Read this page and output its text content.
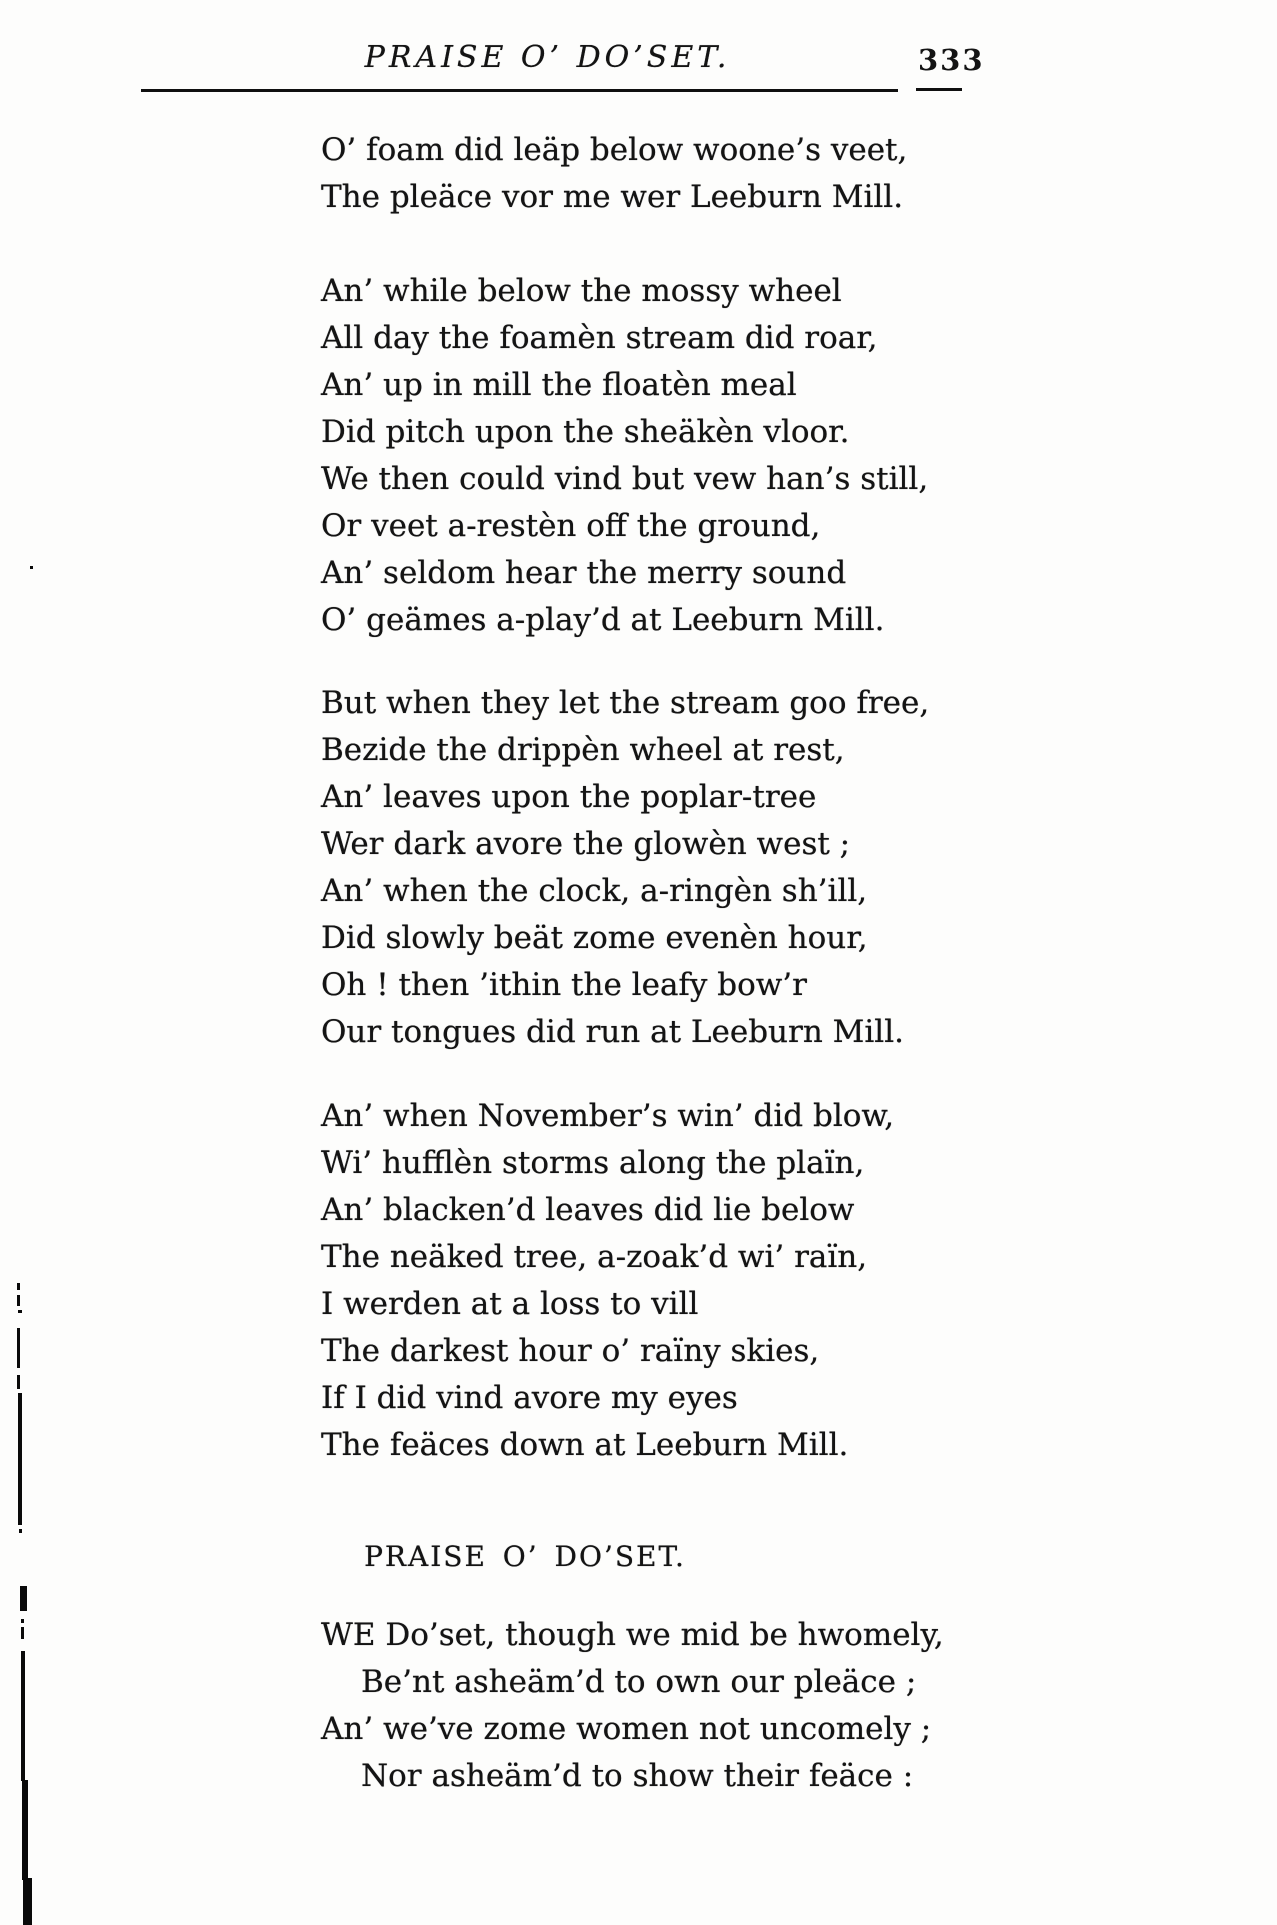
PRAISE O’ DO’SET.	333

O’ foam did leäp below woone’s veet,

The pleäce vor me wer Leeburn Mill.

An’ while below the mossy wheel

All day the foamèn stream did roar,

An’ up in mill the floatèn meal

Did pitch upon the sheäkèn vloor.

We then could vind but vew han’s still,

Or veet a-restèn off the ground,

An’ seldom hear the merry sound

O’ geämes a-play’d at Leeburn Mill.

But when they let the stream goo free,

Bezide the drippèn wheel at rest,

An’ leaves upon the poplar-tree

Wer dark avore the glowèn west ;

An’ when the clock, a-ringèn sh’ill,

Did slowly beät zome evenèn hour,

Oh ! then ’ithin the leafy bow’r

Our tongues did run at Leeburn Mill.

An’ when November’s win’ did blow,

Wi’ hufflèn storms along the plaïn,

An’ blacken’d leaves did lie below

The neäked tree, a-zoak’d wi’ raïn,

I werden at a loss to vill

The darkest hour o’ raïny skies,

If I did vind avore my eyes

The feäces down at Leeburn Mill.

PRAISE O’ DO’SET.

WE Do’set, though we mid be hwomely,

Be’nt asheäm’d to own our pleäce ;

An’ we’ve zome women not uncomely ;

Nor asheäm’d to show their feäce :
